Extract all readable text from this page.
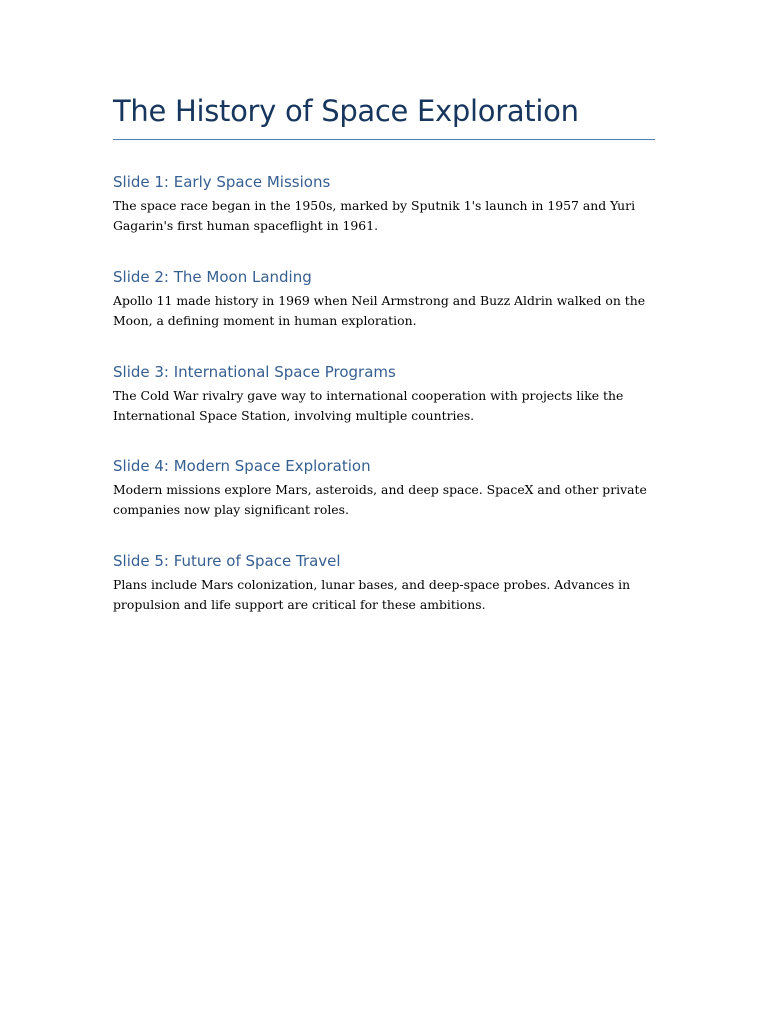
The History of Space Exploration
Slide 1: Early Space Missions

The space race began in the 1950s, marked by Sputnik 1's launch in 1957 and Yuri Gagarin's first human spaceflight in 1961.

Slide 2: The Moon Landing

Apollo 11 made history in 1969 when Neil Armstrong and Buzz Aldrin walked on the Moon, a defining moment in human exploration.

Slide 3: International Space Programs

The Cold War rivalry gave way to international cooperation with projects like the International Space Station, involving multiple countries.

Slide 4: Modern Space Exploration

Modern missions explore Mars, asteroids, and deep space. SpaceX and other private companies now play significant roles.

Slide 5: Future of Space Travel

Plans include Mars colonization, lunar bases, and deep-space probes. Advances in propulsion and life support are critical for these ambitions.
